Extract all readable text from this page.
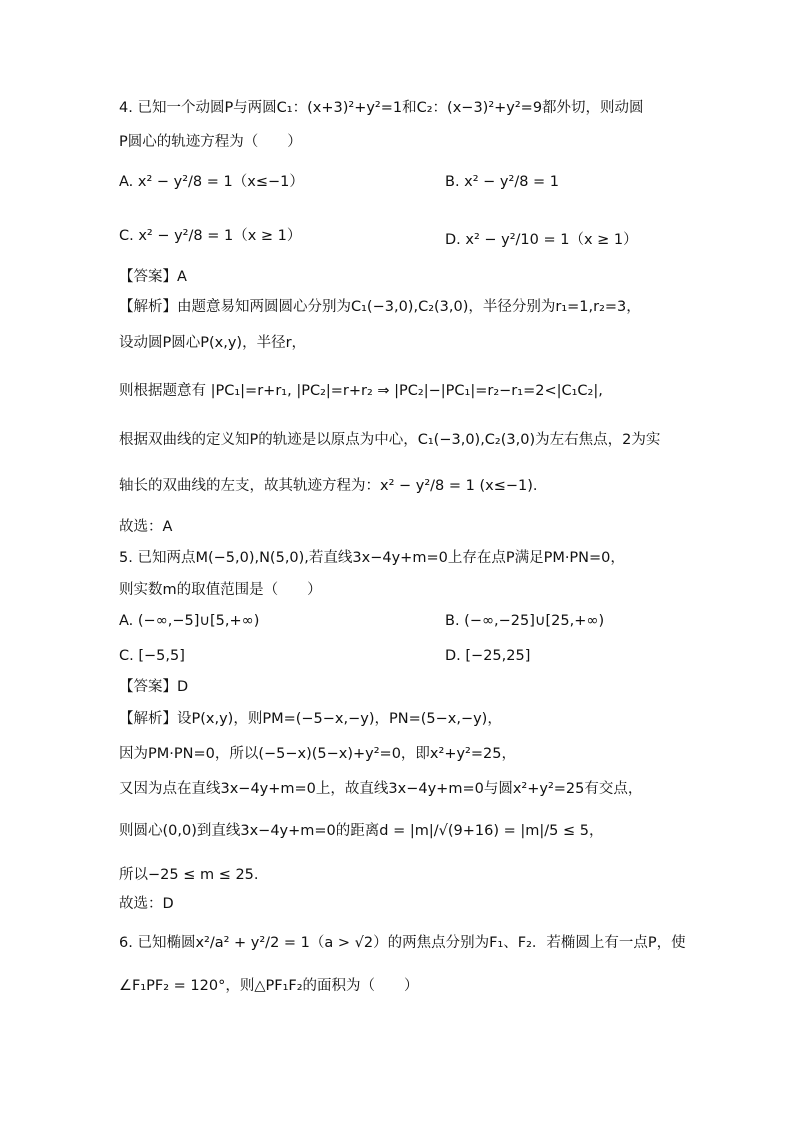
4. 已知一个动圆P与两圆C₁：(x+3)²+y²=1和C₂：(x−3)²+y²=9都外切，则动圆
P圆心的轨迹方程为（　　）
A. x² − y²/8 = 1（x≤−1）	B. x² − y²/8 = 1
C. x² − y²/8 = 1（x ≥ 1）	D. x² − y²/10 = 1（x ≥ 1）
【答案】A
【解析】由题意易知两圆圆心分别为C₁(−3,0),C₂(3,0)，半径分别为r₁=1,r₂=3，
设动圆P圆心P(x,y)，半径r，
则根据题意有 |PC₁|=r+r₁, |PC₂|=r+r₂ ⇒ |PC₂|−|PC₁|=r₂−r₁=2<|C₁C₂|,
根据双曲线的定义知P的轨迹是以原点为中心，C₁(−3,0),C₂(3,0)为左右焦点，2为实
轴长的双曲线的左支，故其轨迹方程为：x² − y²/8 = 1 (x≤−1).
故选：A
5. 已知两点M(−5,0),N(5,0),若直线3x−4y+m=0上存在点P满足PM·PN=0，
则实数m的取值范围是（　　）
A. (−∞,−5]∪[5,+∞)	B. (−∞,−25]∪[25,+∞)
C. [−5,5]	D. [−25,25]
【答案】D
【解析】设P(x,y)，则PM=(−5−x,−y)，PN=(5−x,−y)，
因为PM·PN=0，所以(−5−x)(5−x)+y²=0，即x²+y²=25，
又因为点在直线3x−4y+m=0上，故直线3x−4y+m=0与圆x²+y²=25有交点，
则圆心(0,0)到直线3x−4y+m=0的距离d = |m|/√(9+16) = |m|/5 ≤ 5，
所以−25 ≤ m ≤ 25.
故选：D
6. 已知椭圆x²/a² + y²/2 = 1（a > √2）的两焦点分别为F₁、F₂．若椭圆上有一点P，使
∠F₁PF₂ = 120°，则△PF₁F₂的面积为（　　）
